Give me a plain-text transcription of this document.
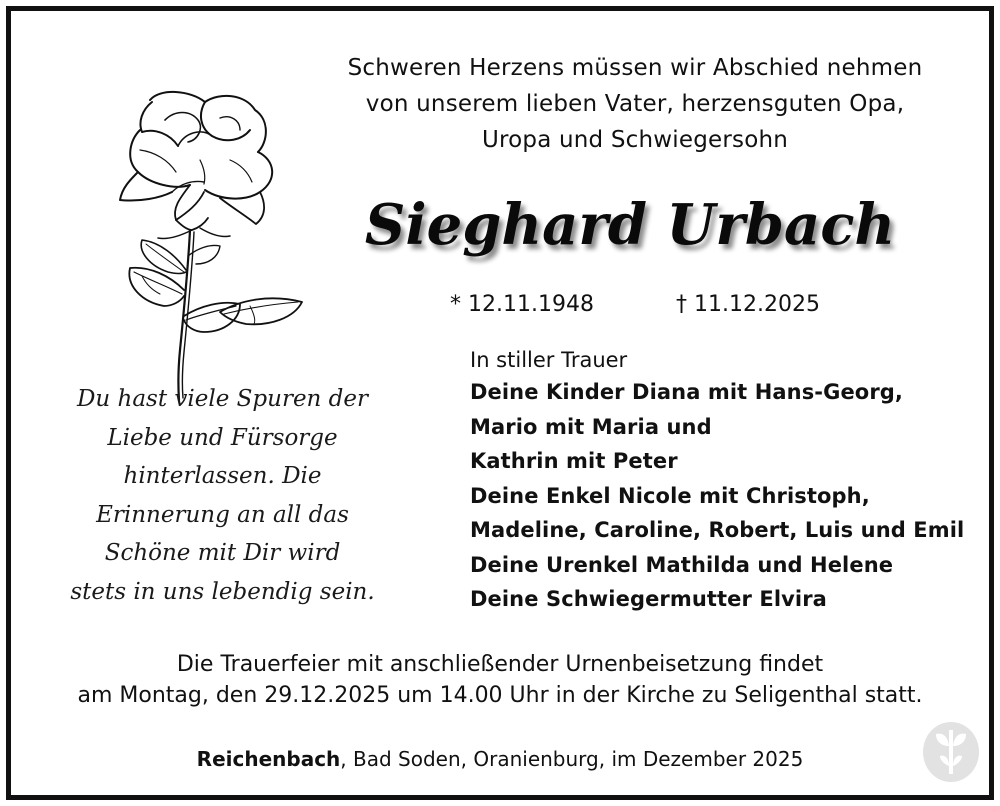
Schweren Herzens müssen wir Abschied nehmen
von unserem lieben Vater, herzensguten Opa,
Uropa und Schwiegersohn
Sieghard Urbach
* 12.11.1948	† 11.12.2025
Du hast viele Spuren der
Liebe und Fürsorge
hinterlassen. Die
Erinnerung an all das
Schöne mit Dir wird
stets in uns lebendig sein.
In stiller Trauer
Deine Kinder Diana mit Hans-Georg,
Mario mit Maria und
Kathrin mit Peter
Deine Enkel Nicole mit Christoph,
Madeline, Caroline, Robert, Luis und Emil
Deine Urenkel Mathilda und Helene
Deine Schwiegermutter Elvira
Die Trauerfeier mit anschließender Urnenbeisetzung findet
am Montag, den 29.12.2025 um 14.00 Uhr in der Kirche zu Seligenthal statt.
Reichenbach, Bad Soden, Oranienburg, im Dezember 2025
